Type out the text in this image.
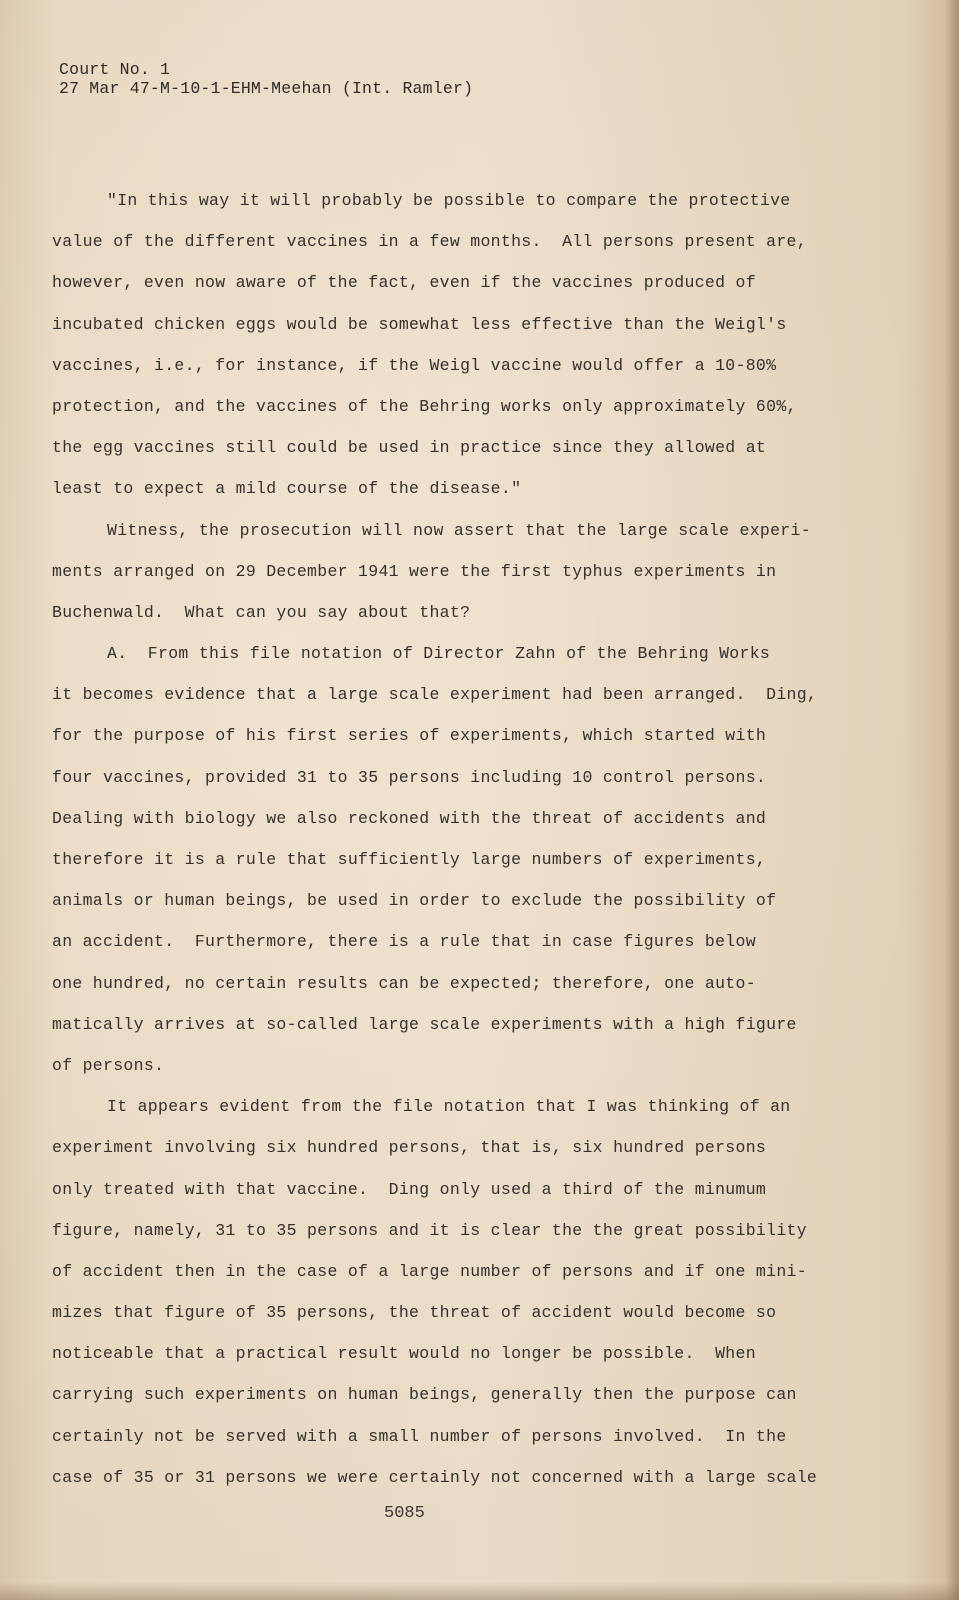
Court No. 1
27 Mar 47-M-10-1-EHM-Meehan (Int. Ramler)
"In this way it will probably be possible to compare the protective
value of the different vaccines in a few months.  All persons present are,
however, even now aware of the fact, even if the vaccines produced of
incubated chicken eggs would be somewhat less effective than the Weigl's
vaccines, i.e., for instance, if the Weigl vaccine would offer a 10-80%
protection, and the vaccines of the Behring works only approximately 60%,
the egg vaccines still could be used in practice since they allowed at
least to expect a mild course of the disease."
Witness, the prosecution will now assert that the large scale experi-
ments arranged on 29 December 1941 were the first typhus experiments in
Buchenwald.  What can you say about that?
A.  From this file notation of Director Zahn of the Behring Works
it becomes evidence that a large scale experiment had been arranged.  Ding,
for the purpose of his first series of experiments, which started with
four vaccines, provided 31 to 35 persons including 10 control persons.
Dealing with biology we also reckoned with the threat of accidents and
therefore it is a rule that sufficiently large numbers of experiments,
animals or human beings, be used in order to exclude the possibility of
an accident.  Furthermore, there is a rule that in case figures below
one hundred, no certain results can be expected; therefore, one auto-
matically arrives at so-called large scale experiments with a high figure
of persons.
It appears evident from the file notation that I was thinking of an
experiment involving six hundred persons, that is, six hundred persons
only treated with that vaccine.  Ding only used a third of the minumum
figure, namely, 31 to 35 persons and it is clear the the great possibility
of accident then in the case of a large number of persons and if one mini-
mizes that figure of 35 persons, the threat of accident would become so
noticeable that a practical result would no longer be possible.  When
carrying such experiments on human beings, generally then the purpose can
certainly not be served with a small number of persons involved.  In the
case of 35 or 31 persons we were certainly not concerned with a large scale
5085
